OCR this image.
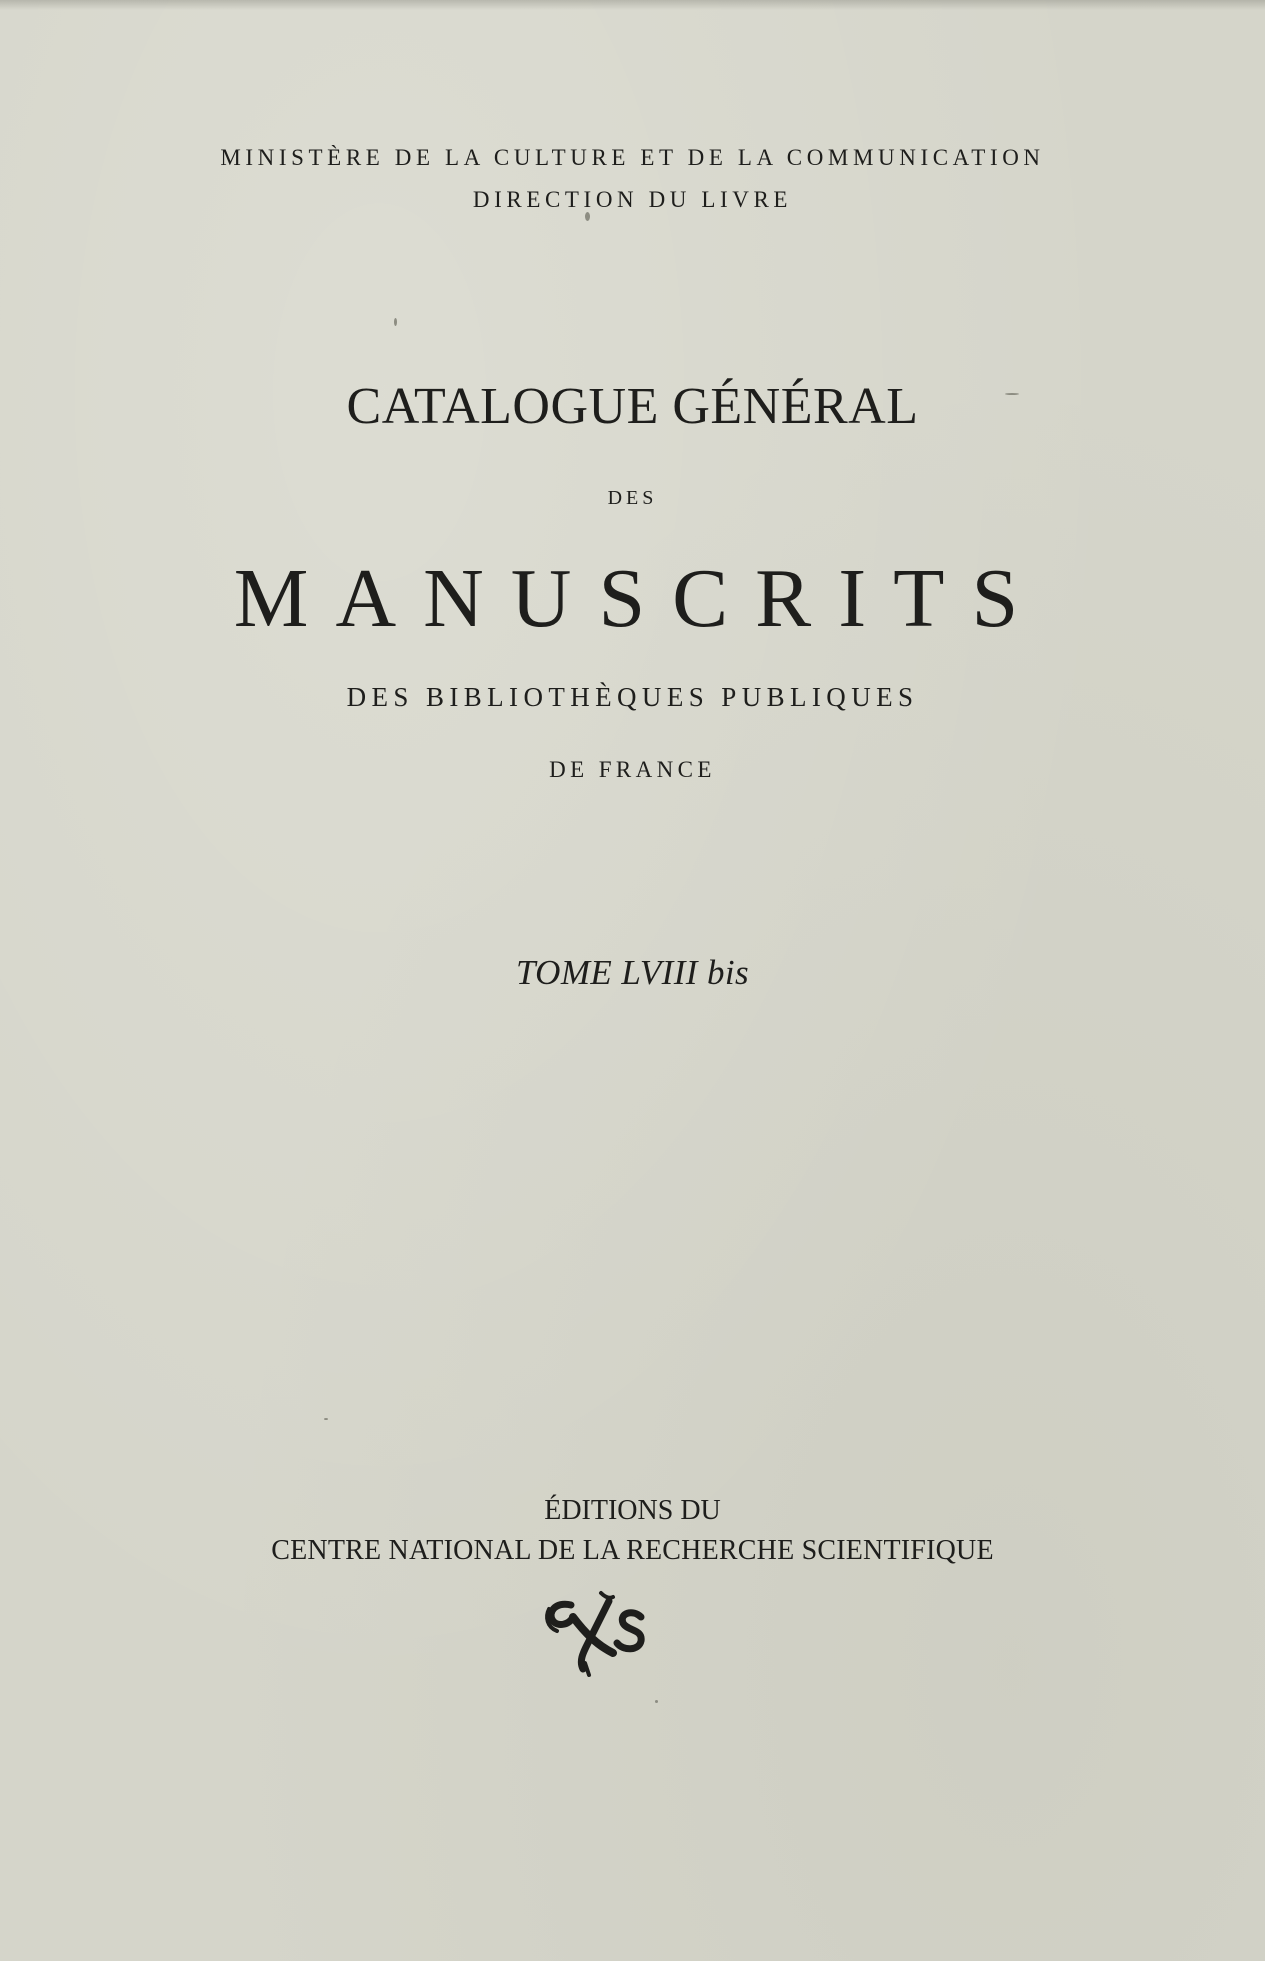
MINISTÈRE DE LA CULTURE ET DE LA COMMUNICATION
DIRECTION DU LIVRE
CATALOGUE GÉNÉRAL
DES
MANUSCRITS
DES BIBLIOTHÈQUES PUBLIQUES
DE FRANCE
TOME LVIII bis
ÉDITIONS DU
CENTRE NATIONAL DE LA RECHERCHE SCIENTIFIQUE
